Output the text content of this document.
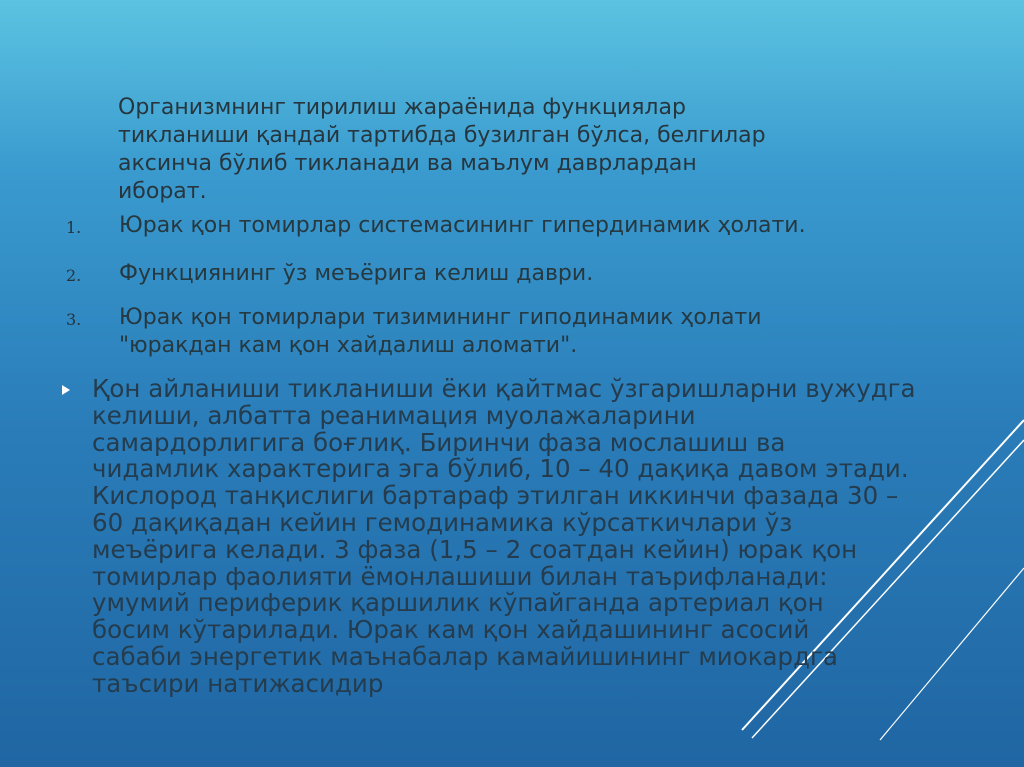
Организмнинг тирилиш жараёнида функциялар
тикланиши қандай тартибда бузилган бўлса, белгилар
аксинча бўлиб тикланади ва маълум даврлардан
иборат.
1. Юрак қон томирлар системасининг гипердинамик ҳолати.
2. Функциянинг ўз меъёрига келиш даври.
3. Юрак қон томирлари тизимининг гиподинамик ҳолати
"юракдан кам қон хайдалиш аломати".
Қон айланиши тикланиши ёки қайтмас ўзгаришларни вужудга
келиши, албатта реанимация муолажаларини
самардорлигига боғлиқ. Биринчи фаза мослашиш ва
чидамлик характерига эга бўлиб, 10 – 40 дақиқа давом этади.
Кислород танқислиги бартараф этилган иккинчи фазада 30 –
60 дақиқадан кейин гемодинамика кўрсаткичлари ўз
меъёрига келади. 3 фаза (1,5 – 2 соатдан кейин) юрак қон
томирлар фаолияти ёмонлашиши билан таърифланади:
умумий периферик қаршилик кўпайганда артериал қон
босим кўтарилади. Юрак кам қон хайдашининг асосий
сабаби энергетик маънабалар камайишининг миокардга
таъсири натижасидир
